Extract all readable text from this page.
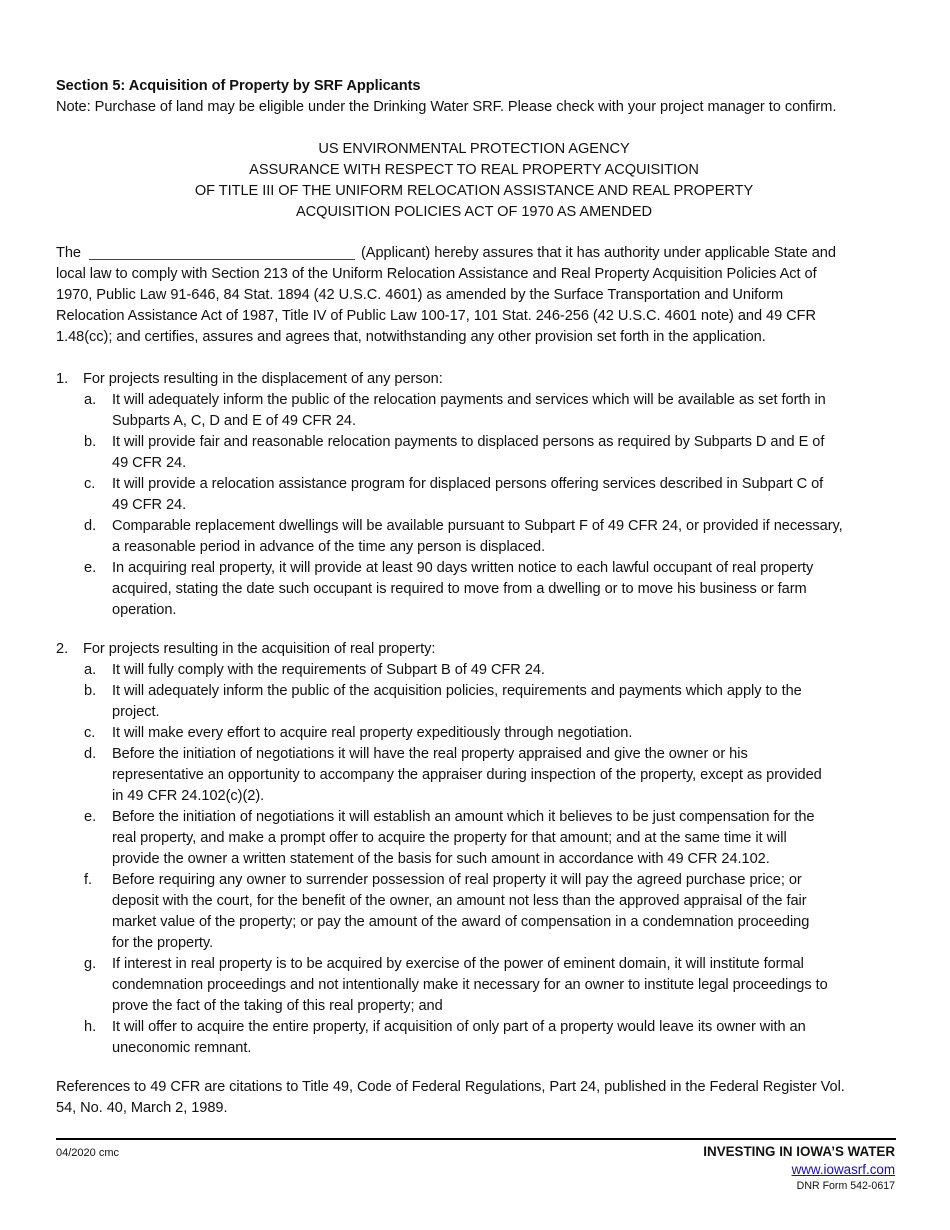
Section 5: Acquisition of Property by SRF Applicants
Note: Purchase of land may be eligible under the Drinking Water SRF. Please check with your project manager to confirm.
US ENVIRONMENTAL PROTECTION AGENCY
ASSURANCE WITH RESPECT TO REAL PROPERTY ACQUISITION
OF TITLE III OF THE UNIFORM RELOCATION ASSISTANCE AND REAL PROPERTY
ACQUISITION POLICIES ACT OF 1970 AS AMENDED
The	(Applicant) hereby assures that it has authority under applicable State and
local law to comply with Section 213 of the Uniform Relocation Assistance and Real Property Acquisition Policies Act of
1970, Public Law 91-646, 84 Stat. 1894 (42 U.S.C. 4601) as amended by the Surface Transportation and Uniform
Relocation Assistance Act of 1987, Title IV of Public Law 100-17, 101 Stat. 246-256 (42 U.S.C. 4601 note) and 49 CFR
1.48(cc); and certifies, assures and agrees that, notwithstanding any other provision set forth in the application.
1. For projects resulting in the displacement of any person:
a. It will adequately inform the public of the relocation payments and services which will be available as set forth in
Subparts A, C, D and E of 49 CFR 24.
b. It will provide fair and reasonable relocation payments to displaced persons as required by Subparts D and E of
49 CFR 24.
c. It will provide a relocation assistance program for displaced persons offering services described in Subpart C of
49 CFR 24.
d. Comparable replacement dwellings will be available pursuant to Subpart F of 49 CFR 24, or provided if necessary,
a reasonable period in advance of the time any person is displaced.
e. In acquiring real property, it will provide at least 90 days written notice to each lawful occupant of real property
acquired, stating the date such occupant is required to move from a dwelling or to move his business or farm
operation.
2. For projects resulting in the acquisition of real property:
a. It will fully comply with the requirements of Subpart B of 49 CFR 24.
b. It will adequately inform the public of the acquisition policies, requirements and payments which apply to the
project.
c. It will make every effort to acquire real property expeditiously through negotiation.
d. Before the initiation of negotiations it will have the real property appraised and give the owner or his
representative an opportunity to accompany the appraiser during inspection of the property, except as provided
in 49 CFR 24.102(c)(2).
e. Before the initiation of negotiations it will establish an amount which it believes to be just compensation for the
real property, and make a prompt offer to acquire the property for that amount; and at the same time it will
provide the owner a written statement of the basis for such amount in accordance with 49 CFR 24.102.
f. Before requiring any owner to surrender possession of real property it will pay the agreed purchase price; or
deposit with the court, for the benefit of the owner, an amount not less than the approved appraisal of the fair
market value of the property; or pay the amount of the award of compensation in a condemnation proceeding
for the property.
g. If interest in real property is to be acquired by exercise of the power of eminent domain, it will institute formal
condemnation proceedings and not intentionally make it necessary for an owner to institute legal proceedings to
prove the fact of the taking of this real property; and
h. It will offer to acquire the entire property, if acquisition of only part of a property would leave its owner with an
uneconomic remnant.
References to 49 CFR are citations to Title 49, Code of Federal Regulations, Part 24, published in the Federal Register Vol.
54, No. 40, March 2, 1989.
04/2020 cmc	INVESTING IN IOWA’S WATER
www.iowasrf.com
DNR Form 542-0617
